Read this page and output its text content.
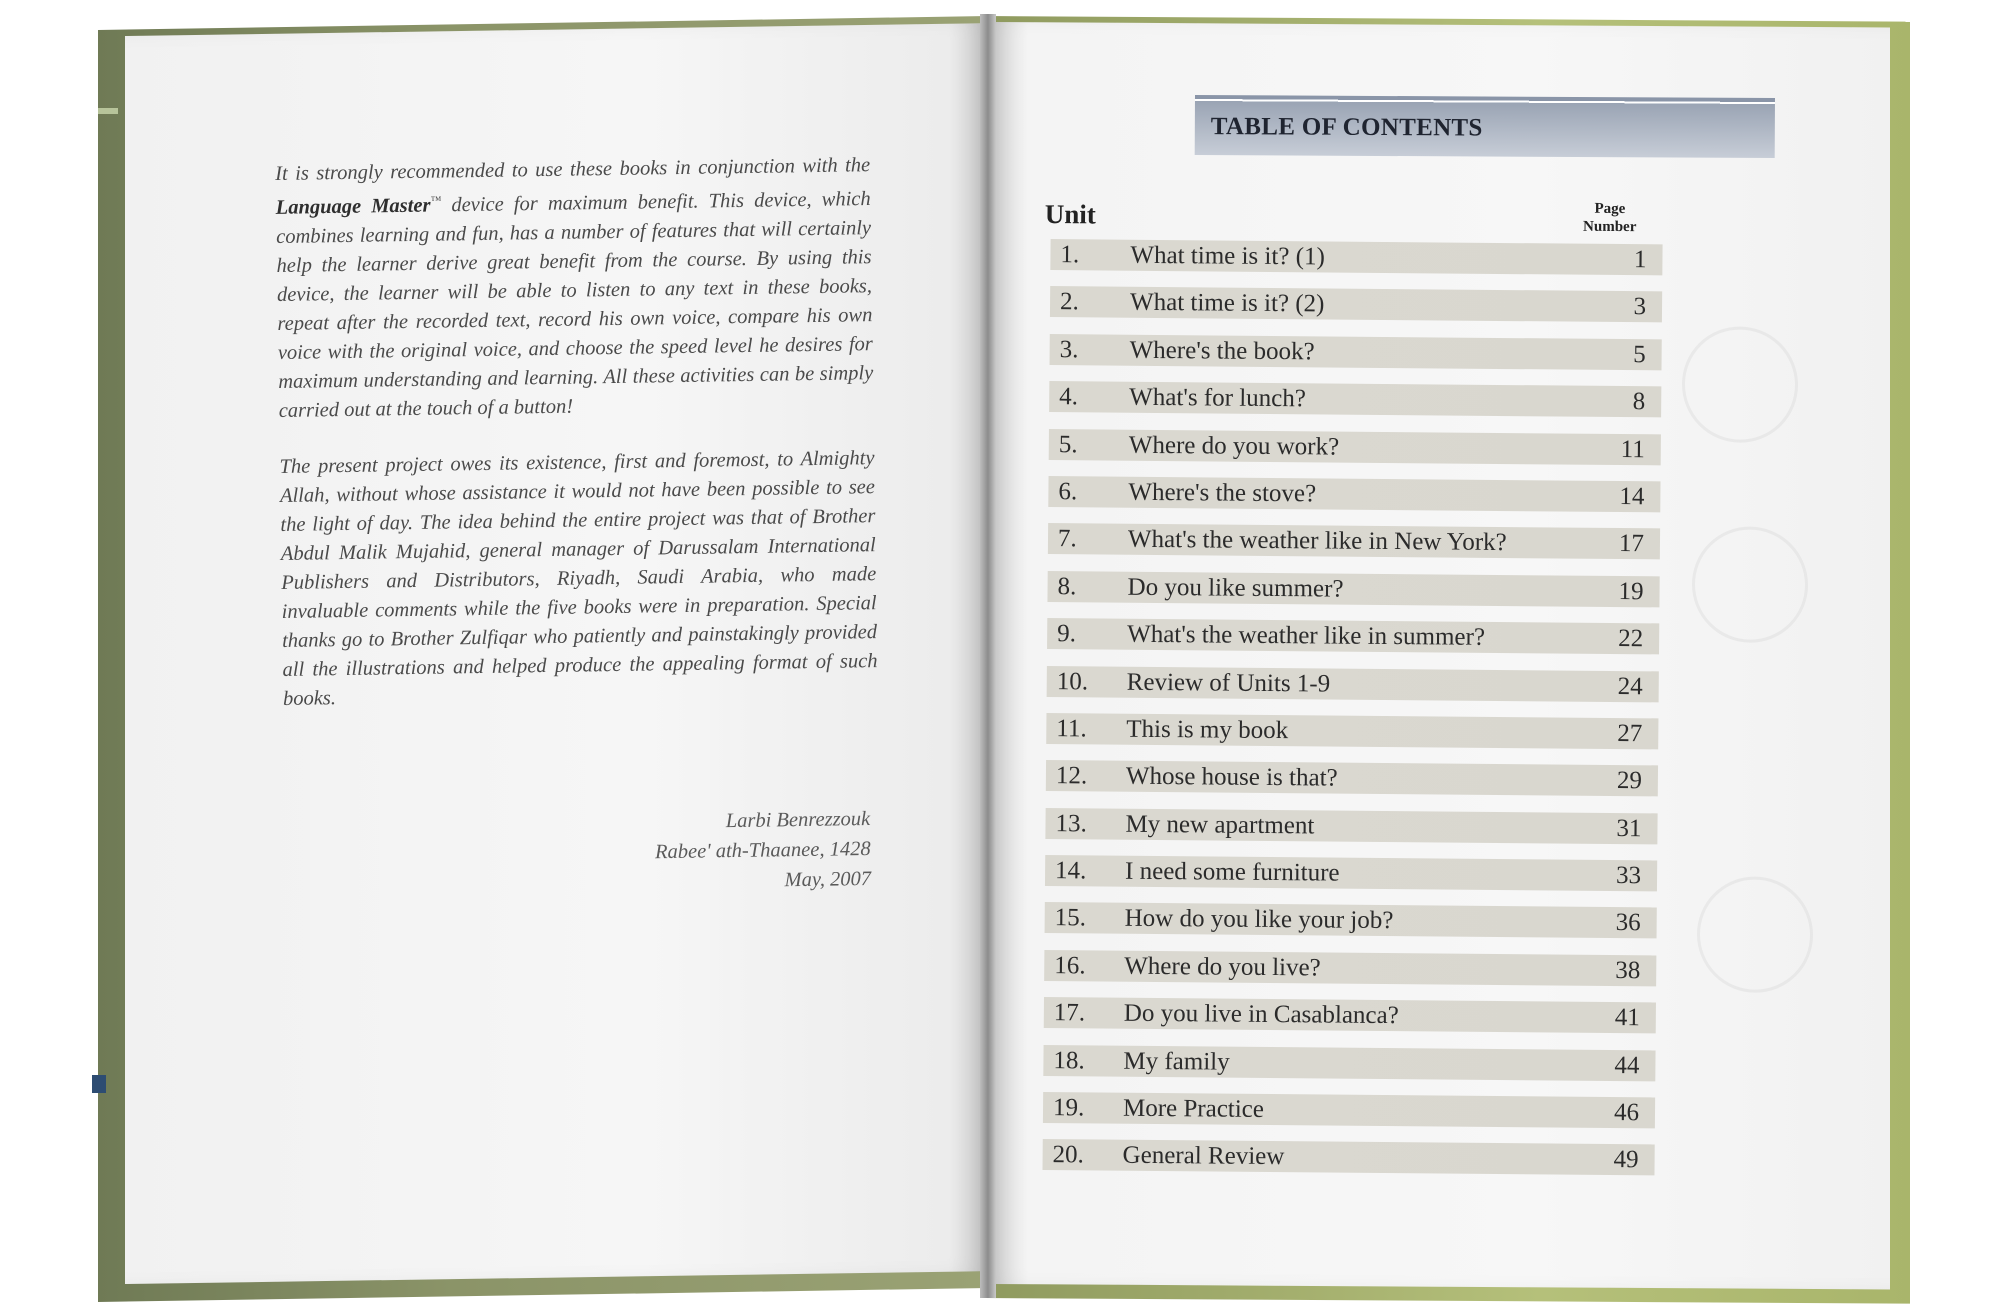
It is strongly recommended to use these books in conjunction with the Language Master™ device for maximum benefit. This device, which combines learning and fun, has a number of features that will certainly help the learner derive great benefit from the course. By using this device, the learner will be able to listen to any text in these books, repeat after the recorded text, record his own voice, compare his own voice with the original voice, and choose the speed level he desires for maximum understanding and learning. All these activities can be simply carried out at the touch of a button!

The present project owes its existence, first and foremost, to Almighty Allah, without whose assistance it would not have been possible to see the light of day. The idea behind the entire project was that of Brother Abdul Malik Mujahid, general manager of Darussalam International Publishers and Distributors, Riyadh, Saudi Arabia, who made invaluable comments while the five books were in preparation. Special thanks go to Brother Zulfiqar who patiently and painstakingly provided all the illustrations and helped produce the appealing format of such books.

Larbi Benrezzouk
Rabee' ath-Thaanee, 1428
May, 2007
TABLE OF CONTENTS
Unit	Page
Number
1.	What time is it? (1)	1
2.	What time is it? (2)	3
3.	Where's the book?	5
4.	What's for lunch?	8
5.	Where do you work?	11
6.	Where's the stove?	14
7.	What's the weather like in New York?	17
8.	Do you like summer?	19
9.	What's the weather like in summer?	22
10.	Review of Units 1-9	24
11.	This is my book	27
12.	Whose house is that?	29
13.	My new apartment	31
14.	I need some furniture	33
15.	How do you like your job?	36
16.	Where do you live?	38
17.	Do you live in Casablanca?	41
18.	My family	44
19.	More Practice	46
20.	General Review	49
